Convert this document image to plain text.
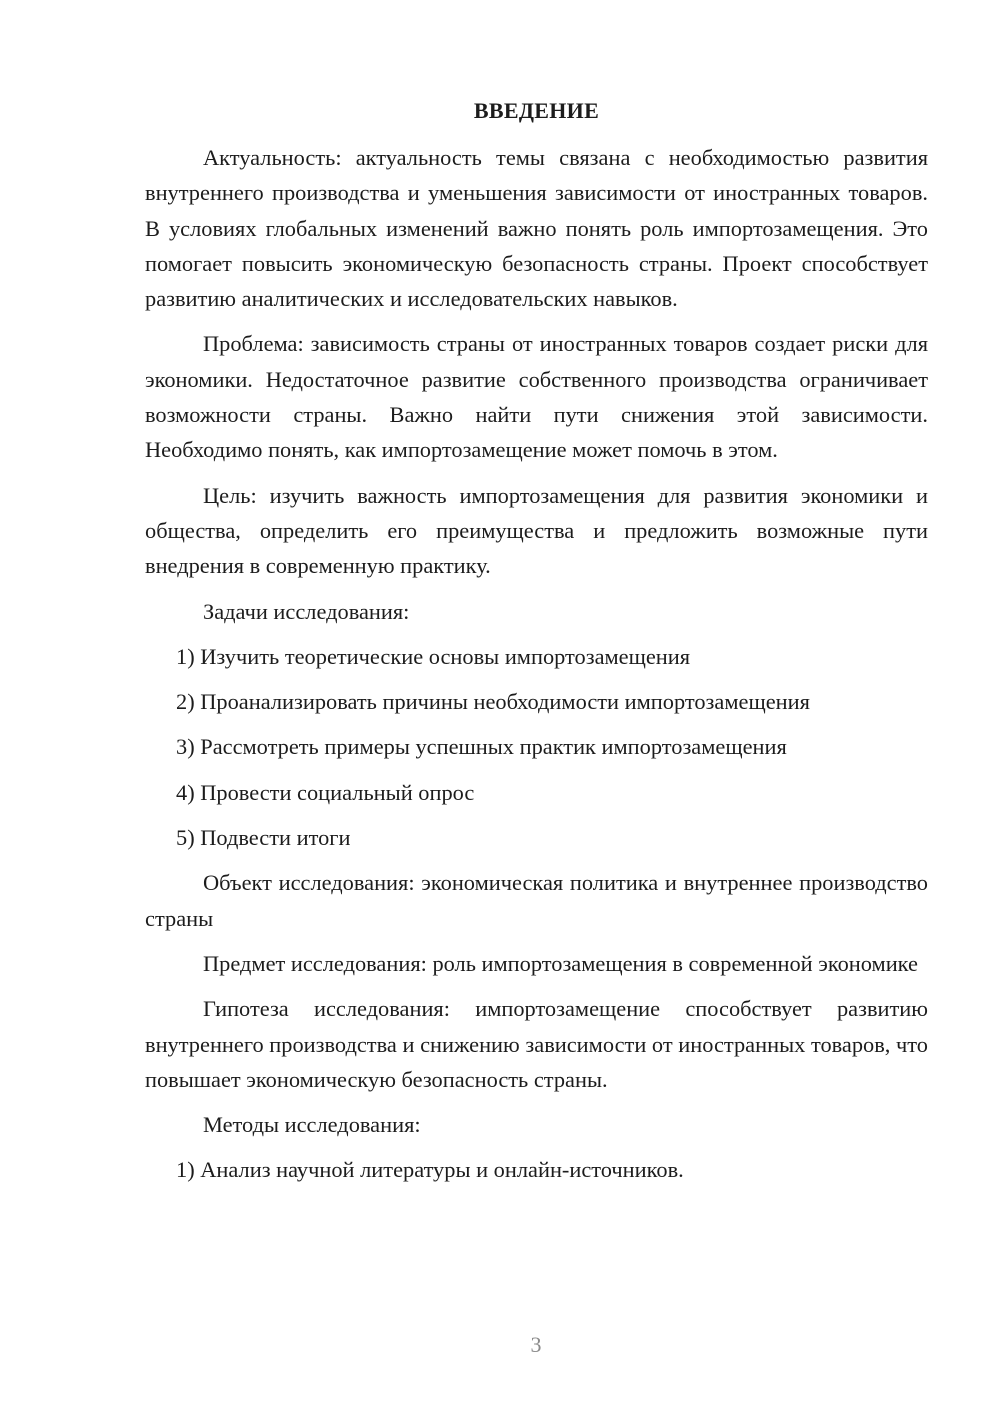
ВВЕДЕНИЕ

Актуальность: актуальность темы связана с необходимостью развития внутреннего производства и уменьшения зависимости от иностранных товаров. В условиях глобальных изменений важно понять роль импортозамещения. Это помогает повысить экономическую безопасность страны. Проект способствует развитию аналитических и исследовательских навыков.

Проблема: зависимость страны от иностранных товаров создает риски для экономики. Недостаточное развитие собственного производства ограничивает возможности страны. Важно найти пути снижения этой зависимости. Необходимо понять, как импортозамещение может помочь в этом.

Цель: изучить важность импортозамещения для развития экономики и общества, определить его преимущества и предложить возможные пути внедрения в современную практику.

Задачи исследования:

1) Изучить теоретические основы импортозамещения
2) Проанализировать причины необходимости импортозамещения
3) Рассмотреть примеры успешных практик импортозамещения
4) Провести социальный опрос
5) Подвести итоги

Объект исследования: экономическая политика и внутреннее производство страны

Предмет исследования: роль импортозамещения в современной экономике

Гипотеза исследования: импортозамещение способствует развитию внутреннего производства и снижению зависимости от иностранных товаров, что повышает экономическую безопасность страны.

Методы исследования:

1) Анализ научной литературы и онлайн-источников.
3
